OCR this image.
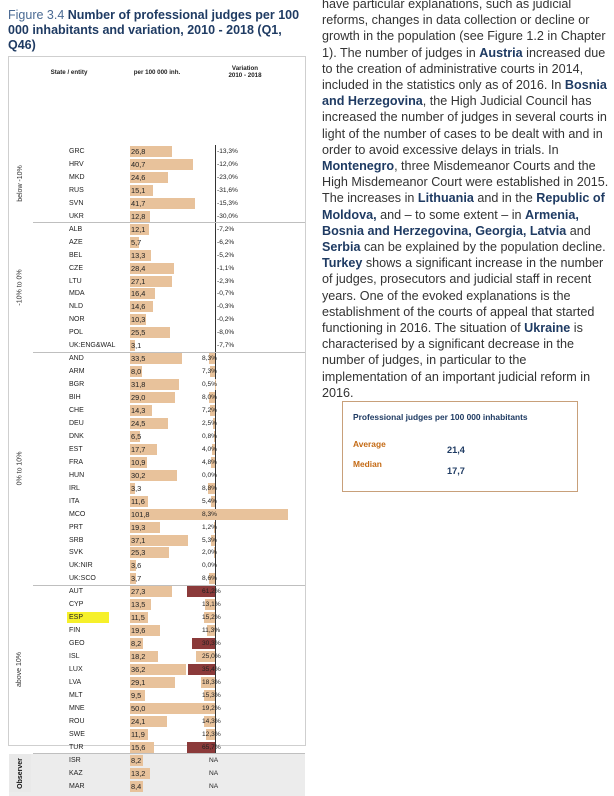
Figure 3.4 Number of professional judges per 100 000 inhabitants and variation, 2010 - 2018 (Q1, Q46)
State / entity	per 100 000 inh.
Variation
2010 - 2018
below -10%
-10% to 0%
0% to 10%
above 10%
Observer
GRC	26,8	-13,3%
HRV	40,7	-12,0%
MKD	24,6	-23,0%
RUS	15,1	-31,6%
SVN	41,7	-15,3%
UKR	12,8	-30,0%
ALB	12,1	-7,2%
AZE	5,7	-6,2%
BEL	13,3	-5,2%
CZE	28,4	-1,1%
LTU	27,1	-2,3%
MDA	16,4	-0,7%
NLD	14,6	-0,3%
NOR	10,3	-0,2%
POL	25,5	-8,0%
UK:ENG&WAL 3,1	-7,7%
AND	33,5	8,3%
ARM	8,0	7,3%
BGR	31,8	0,5%
BIH	29,0	8,0%
CHE	14,3	7,2%
DEU	24,5	2,5%
DNK	6,5	0,8%
EST	17,7	4,0%
FRA	10,9	4,8%
HUN	30,2	0,0%
IRL	3,3	8,8%
ITA	11,6	5,4%
MCO	101,8	8,3%
PRT	19,3	1,2%
SRB	37,1	5,3%
SVK	25,3	2,0%
UK:NIR	3,6	0,0%
UK:SCO	3,7	8,6%
AUT	27,3	61,2%
CYP	13,5	13,1%
ESP	11,5	15,2%
FIN	19,6	11,3%
GEO	8,2	30,3%
ISL	18,2	25,0%
LUX	36,2	35,4%
LVA	29,1	18,3%
MLT	9,5	15,3%
MNE	50,0	19,2%
ROU	24,1	14,3%
SWE	11,9	12,3%
TUR	15,6	65,7%
ISR	8,2	NA
KAZ	13,2	NA
MAR	8,4	NA

have particular explanations, such as judicial reforms, changes in data collection or decline or growth in the population (see Figure 1.2 in Chapter 1). The number of judges in Austria increased due to the creation of administrative courts in 2014, included in the statistics only as of 2016. In Bosnia and Herzegovina, the High Judicial Council has increased the number of judges in several courts in light of the number of cases to be dealt with and in order to avoid excessive delays in trials. In Montenegro, three Misdemeanor Courts and the High Misdemeanor Court were established in 2015. The increases in Lithuania and in the Republic of Moldova, and – to some extent – in Armenia, Bosnia and Herzegovina, Georgia, Latvia and Serbia can be explained by the population decline. Turkey shows a significant increase in the number of judges, prosecutors and judicial staff in recent years. One of the evoked explanations is the establishment of the courts of appeal that started functioning in 2016. The situation of Ukraine is characterised by a significant decrease in the number of judges, in particular to the implementation of an important judicial reform in 2016.

Professional judges per 100 000 inhabitants
Average
21,4
Median
17,7
